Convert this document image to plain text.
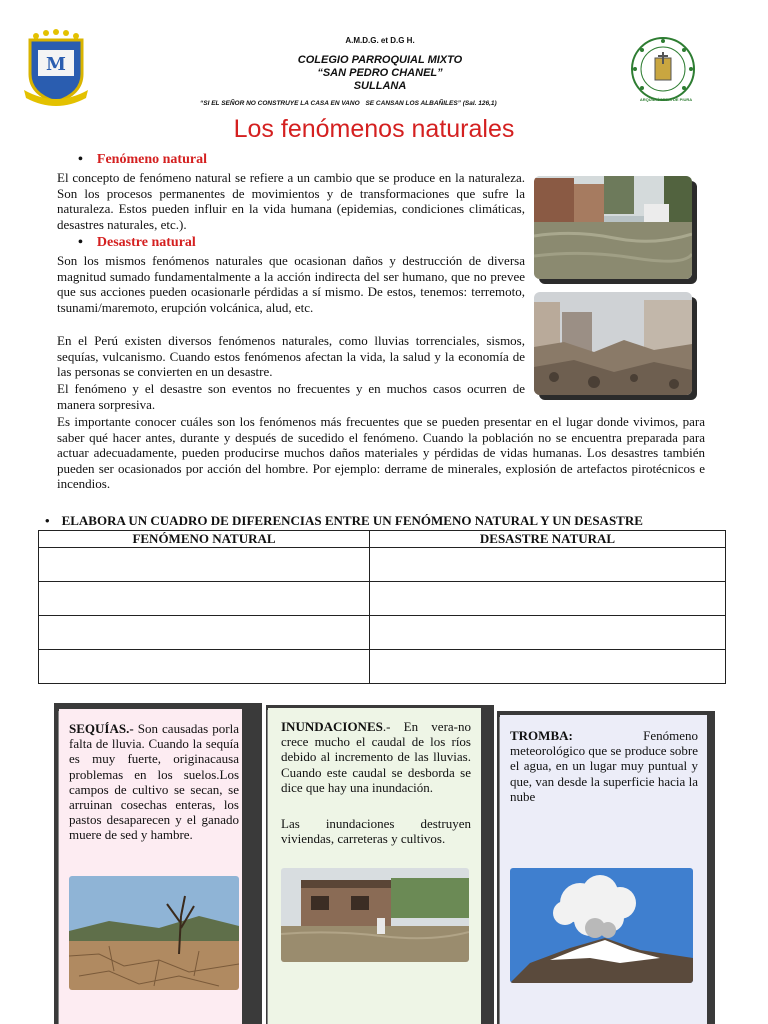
M
A.M.D.G. et D.G H.
COLEGIO PARROQUIAL MIXTO
“SAN PEDRO CHANEL”
SULLANA
“SI EL SEÑOR NO CONSTRUYE LA CASA EN VANO SE CANSAN LOS ALBAÑILES” (Sal. 126,1)
ARQUIDIÓCESIS DE PIURA
Los fenómenos naturales
• Fenómeno natural

El concepto de fenómeno natural se refiere a un cambio que se produce en la naturaleza. Son los procesos permanentes de movimientos y de transformaciones que sufre la naturaleza. Estos pueden influir en la vida humana (epidemias, condiciones climáticas, desastres naturales, etc.).

• Desastre natural

Son los mismos fenómenos naturales que ocasionan daños y destrucción de diversa magnitud sumado fundamentalmente a la acción indirecta del ser humano, que no prevee que sus acciones pueden ocasionarle pérdidas a sí mismo. De estos, tenemos: terremoto, tsunami/maremoto, erupción volcánica, alud, etc.

En el Perú existen diversos fenómenos naturales, como lluvias torrenciales, sismos, sequías, vulcanismo. Cuando estos fenómenos afectan la vida, la salud y la economía de las personas se convierten en un desastre.

El fenómeno y el desastre son eventos no frecuentes y en muchos casos ocurren de manera sorpresiva.

Es importante conocer cuáles son los fenómenos más frecuentes que se pueden presentar en el lugar donde vivimos, para saber qué hacer antes, durante y después de sucedido el fenómeno. Cuando la población no se encuentra preparada para actuar adecuadamente, pueden producirse muchos daños materiales y pérdidas de vidas humanas. Los desastres también pueden ser ocasionados por acción del hombre. Por ejemplo: derrame de minerales, explosión de artefactos pirotécnicos e incendios.

• ELABORA UN CUADRO DE DIFERENCIAS ENTRE UN FENÓMENO NATURAL Y UN DESASTRE
FENÓMENO NATURAL	DESASTRE NATURAL

SEQUÍAS.- Son causadas porla falta de lluvia. Cuando la sequía es muy fuerte, originacausa problemas en los suelos.Los campos de cultivo se secan, se arruinan cosechas enteras, los pastos desaparecen y el ganado muere de sed y hambre.

INUNDACIONES.- En vera-no crece mucho el caudal de los ríos debido al incremento de las lluvias. Cuando este caudal se desborda se dice que hay una inundación.

Las inundaciones destruyen viviendas, carreteras y cultivos.

TROMBA: Fenómeno meteorológico que se produce sobre el agua, en un lugar muy puntual y que, van desde la superficie hacia la nube
